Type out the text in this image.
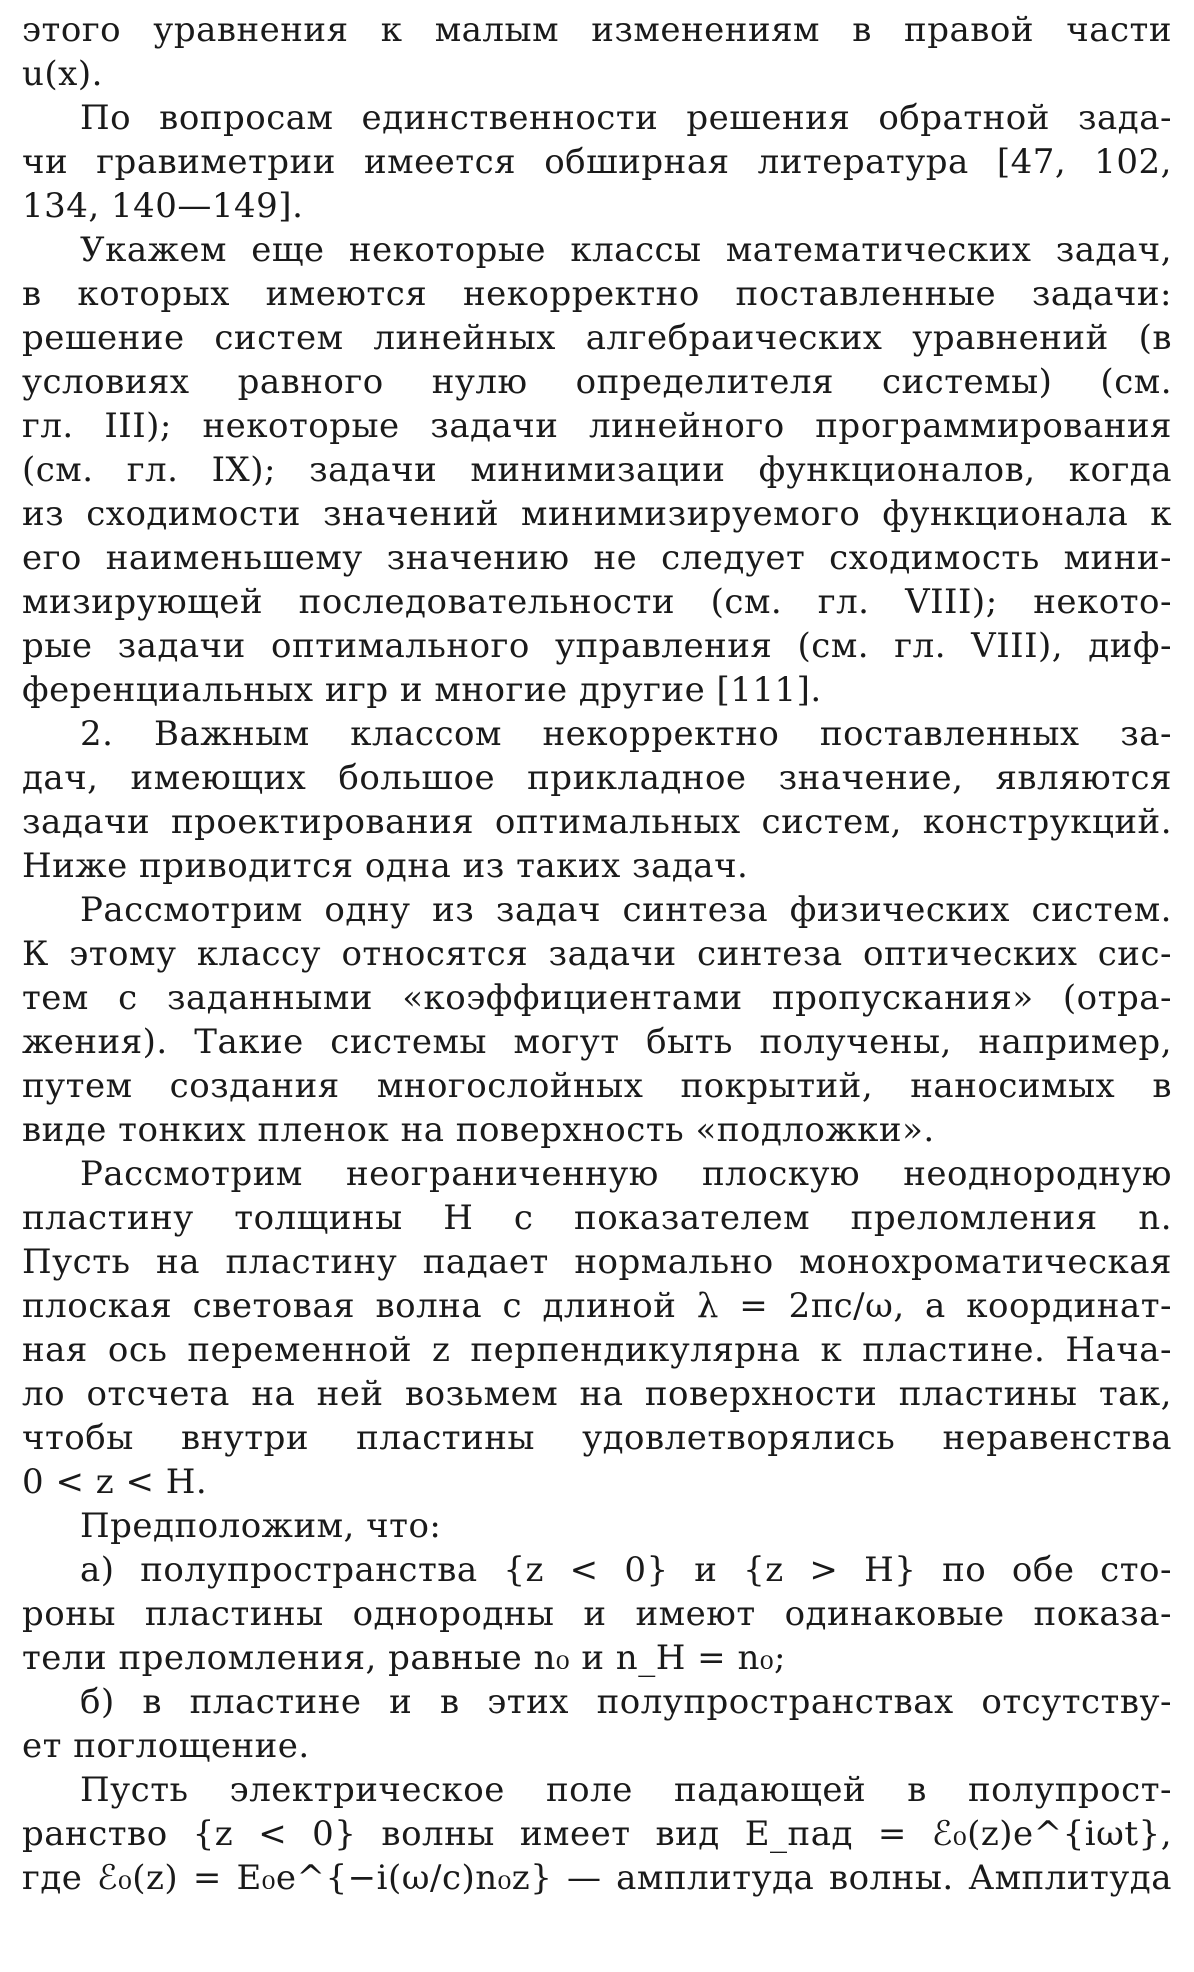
этого уравнения к малым изменениям в правой части
u(x).
По вопросам единственности решения обратной зада-
чи гравиметрии имеется обширная литература [47, 102,
134, 140—149].
Укажем еще некоторые классы математических задач,
в которых имеются некорректно поставленные задачи:
решение систем линейных алгебраических уравнений (в
условиях равного нулю определителя системы) (см.
гл. III); некоторые задачи линейного программирования
(см. гл. IX); задачи минимизации функционалов, когда
из сходимости значений минимизируемого функционала к
его наименьшему значению не следует сходимость мини-
мизирующей последовательности (см. гл. VIII); некото-
рые задачи оптимального управления (см. гл. VIII), диф-
ференциальных игр и многие другие [111].
2. Важным классом некорректно поставленных за-
дач, имеющих большое прикладное значение, являются
задачи проектирования оптимальных систем, конструкций.
Ниже приводится одна из таких задач.
Рассмотрим одну из задач синтеза физических систем.
К этому классу относятся задачи синтеза оптических сис-
тем с заданными «коэффициентами пропускания» (отра-
жения). Такие системы могут быть получены, например,
путем создания многослойных покрытий, наносимых в
виде тонких пленок на поверхность «подложки».
Рассмотрим неограниченную плоскую неоднородную
пластину толщины H с показателем преломления n.
Пусть на пластину падает нормально монохроматическая
плоская световая волна с длиной λ = 2πc/ω, а координат-
ная ось переменной z перпендикулярна к пластине. Нача-
ло отсчета на ней возьмем на поверхности пластины так,
чтобы внутри пластины удовлетворялись неравенства
0 < z < H.
Предположим, что:
а) полупространства {z < 0} и {z > H} по обе сто-
роны пластины однородны и имеют одинаковые показа-
тели преломления, равные n₀ и n_H = n₀;
б) в пластине и в этих полупространствах отсутству-
ет поглощение.
Пусть электрическое поле падающей в полупрост-
ранство {z < 0} волны имеет вид E_пад = ℰ₀(z)e^{iωt},
где ℰ₀(z) = E₀e^{−i(ω/c)n₀z} — амплитуда волны. Амплитуда
